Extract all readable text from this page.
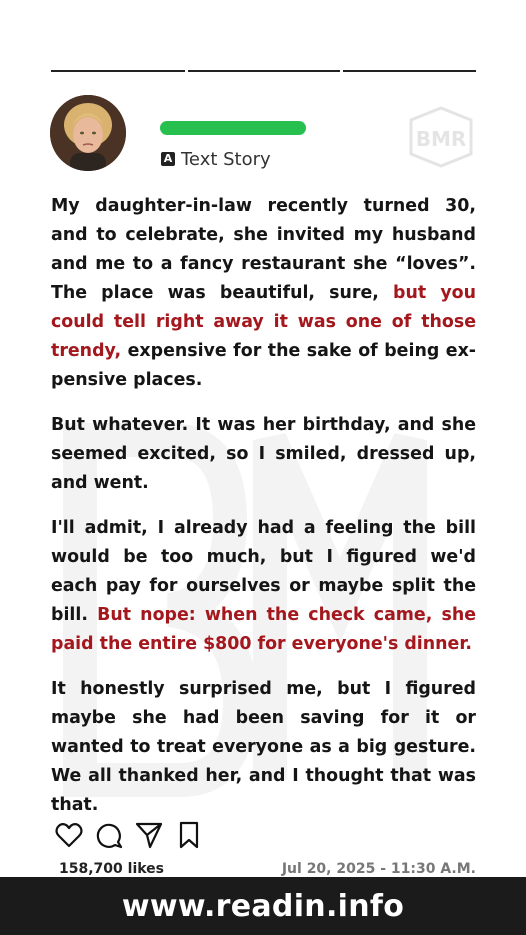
BMR
A Text Story

My daughter-in-law recently turned 30, and to celebrate, she invited my husband and me to a fancy restaurant she “loves”. The place was beautiful, sure, but you could tell right away it was one of those trendy, expensive for the sake of being expensive places.

But whatever. It was her birthday, and she seemed excited, so I smiled, dressed up, and went.

I'll admit, I already had a feeling the bill would be too much, but I figured we'd each pay for ourselves or maybe split the bill. But nope: when the check came, she paid the entire $800 for everyone's dinner.

It honestly surprised me, but I figured maybe she had been saving for it or wanted to treat everyone as a big gesture. We all thanked her, and I thought that was that.

158,700 likes	Jul 20, 2025 - 11:30 A.M.
www.readin.info
